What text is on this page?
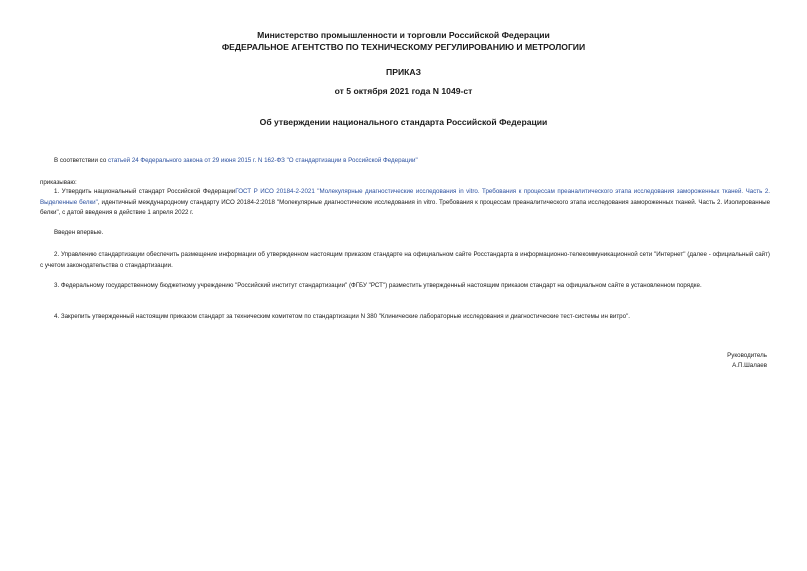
Министерство промышленности и торговли Российской Федерации
ФЕДЕРАЛЬНОЕ АГЕНТСТВО ПО ТЕХНИЧЕСКОМУ РЕГУЛИРОВАНИЮ И МЕТРОЛОГИИ
ПРИКАЗ
от 5 октября 2021 года N 1049-ст
Об утверждении национального стандарта Российской Федерации
В соответствии со статьей 24 Федерального закона от 29 июня 2015 г. N 162-ФЗ "О стандартизации в Российской Федерации"
приказываю:
1. Утвердить национальный стандарт Российской ФедерацииГОСТ Р ИСО 20184-2-2021 "Молекулярные диагностические исследования in vitro. Требования к процессам преаналитического этапа исследования замороженных тканей. Часть 2. Выделенные белки", идентичный международному стандарту ИСО 20184-2:2018 "Молекулярные диагностические исследования in vitro. Требования к процессам преаналитического этапа исследования замороженных тканей. Часть 2. Изолированные белки", с датой введения в действие 1 апреля 2022 г.
Введен впервые.
2. Управлению стандартизации обеспечить размещение информации об утвержденном настоящим приказом стандарте на официальном сайте Росстандарта в информационно-телекоммуникационной сети "Интернет" (далее - официальный сайт) с учетом законодательства о стандартизации.
3. Федеральному государственному бюджетному учреждению "Российский институт стандартизации" (ФГБУ "РСТ") разместить утвержденный настоящим приказом стандарт на официальном сайте в установленном порядке.
4. Закрепить утвержденный настоящим приказом стандарт за техническим комитетом по стандартизации N 380 "Клинические лабораторные исследования и диагностические тест-системы ин витро".
Руководитель
А.П.Шалаев
